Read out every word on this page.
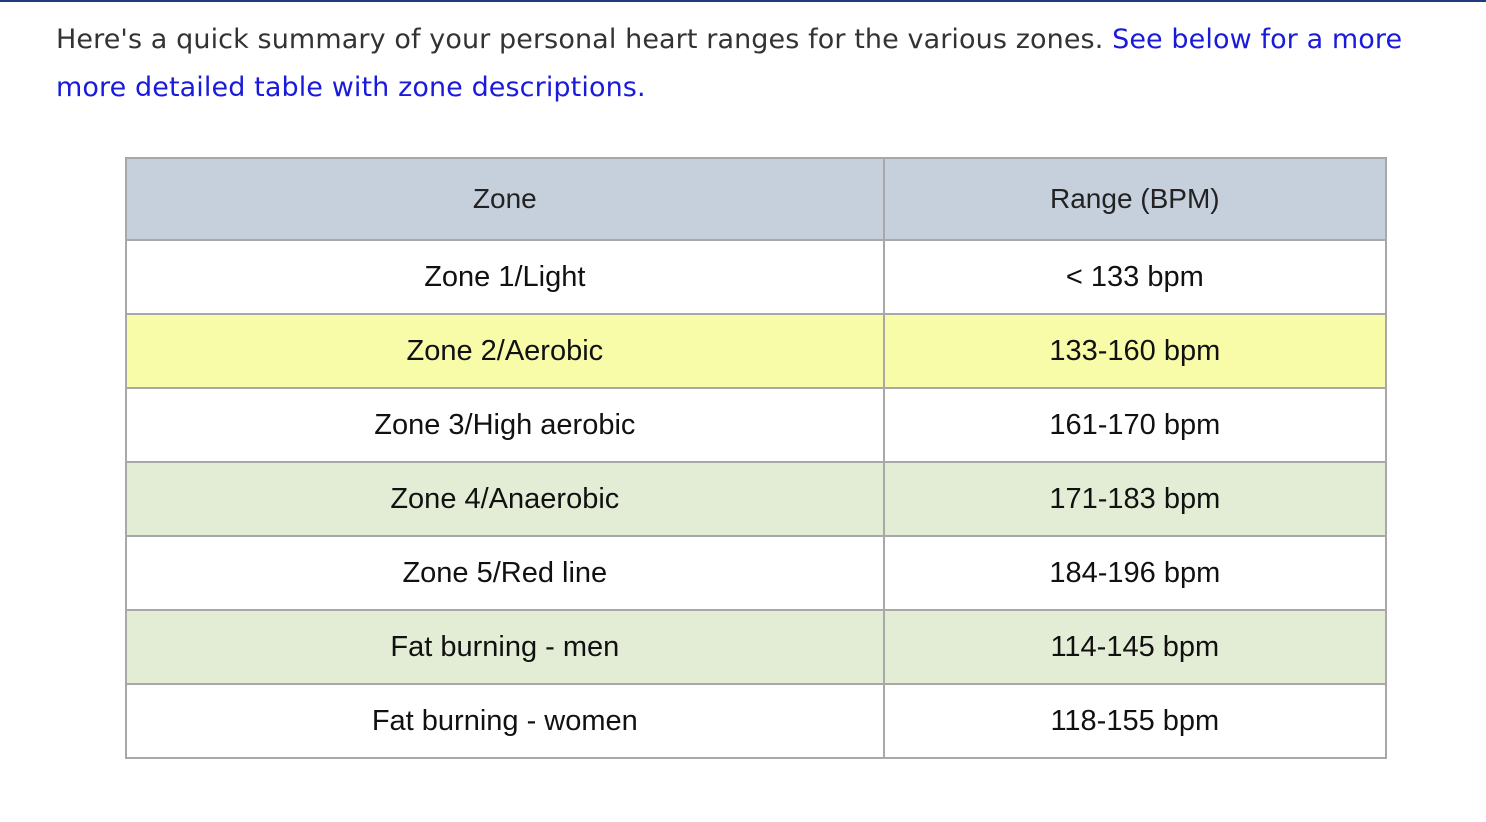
Here's a quick summary of your personal heart ranges for the various zones. See below for a more more detailed table with zone descriptions.

Zone	Range (BPM)
Zone 1/Light	< 133 bpm
Zone 2/Aerobic	133-160 bpm
Zone 3/High aerobic	161-170 bpm
Zone 4/Anaerobic	171-183 bpm
Zone 5/Red line	184-196 bpm
Fat burning - men	114-145 bpm
Fat burning - women	118-155 bpm
